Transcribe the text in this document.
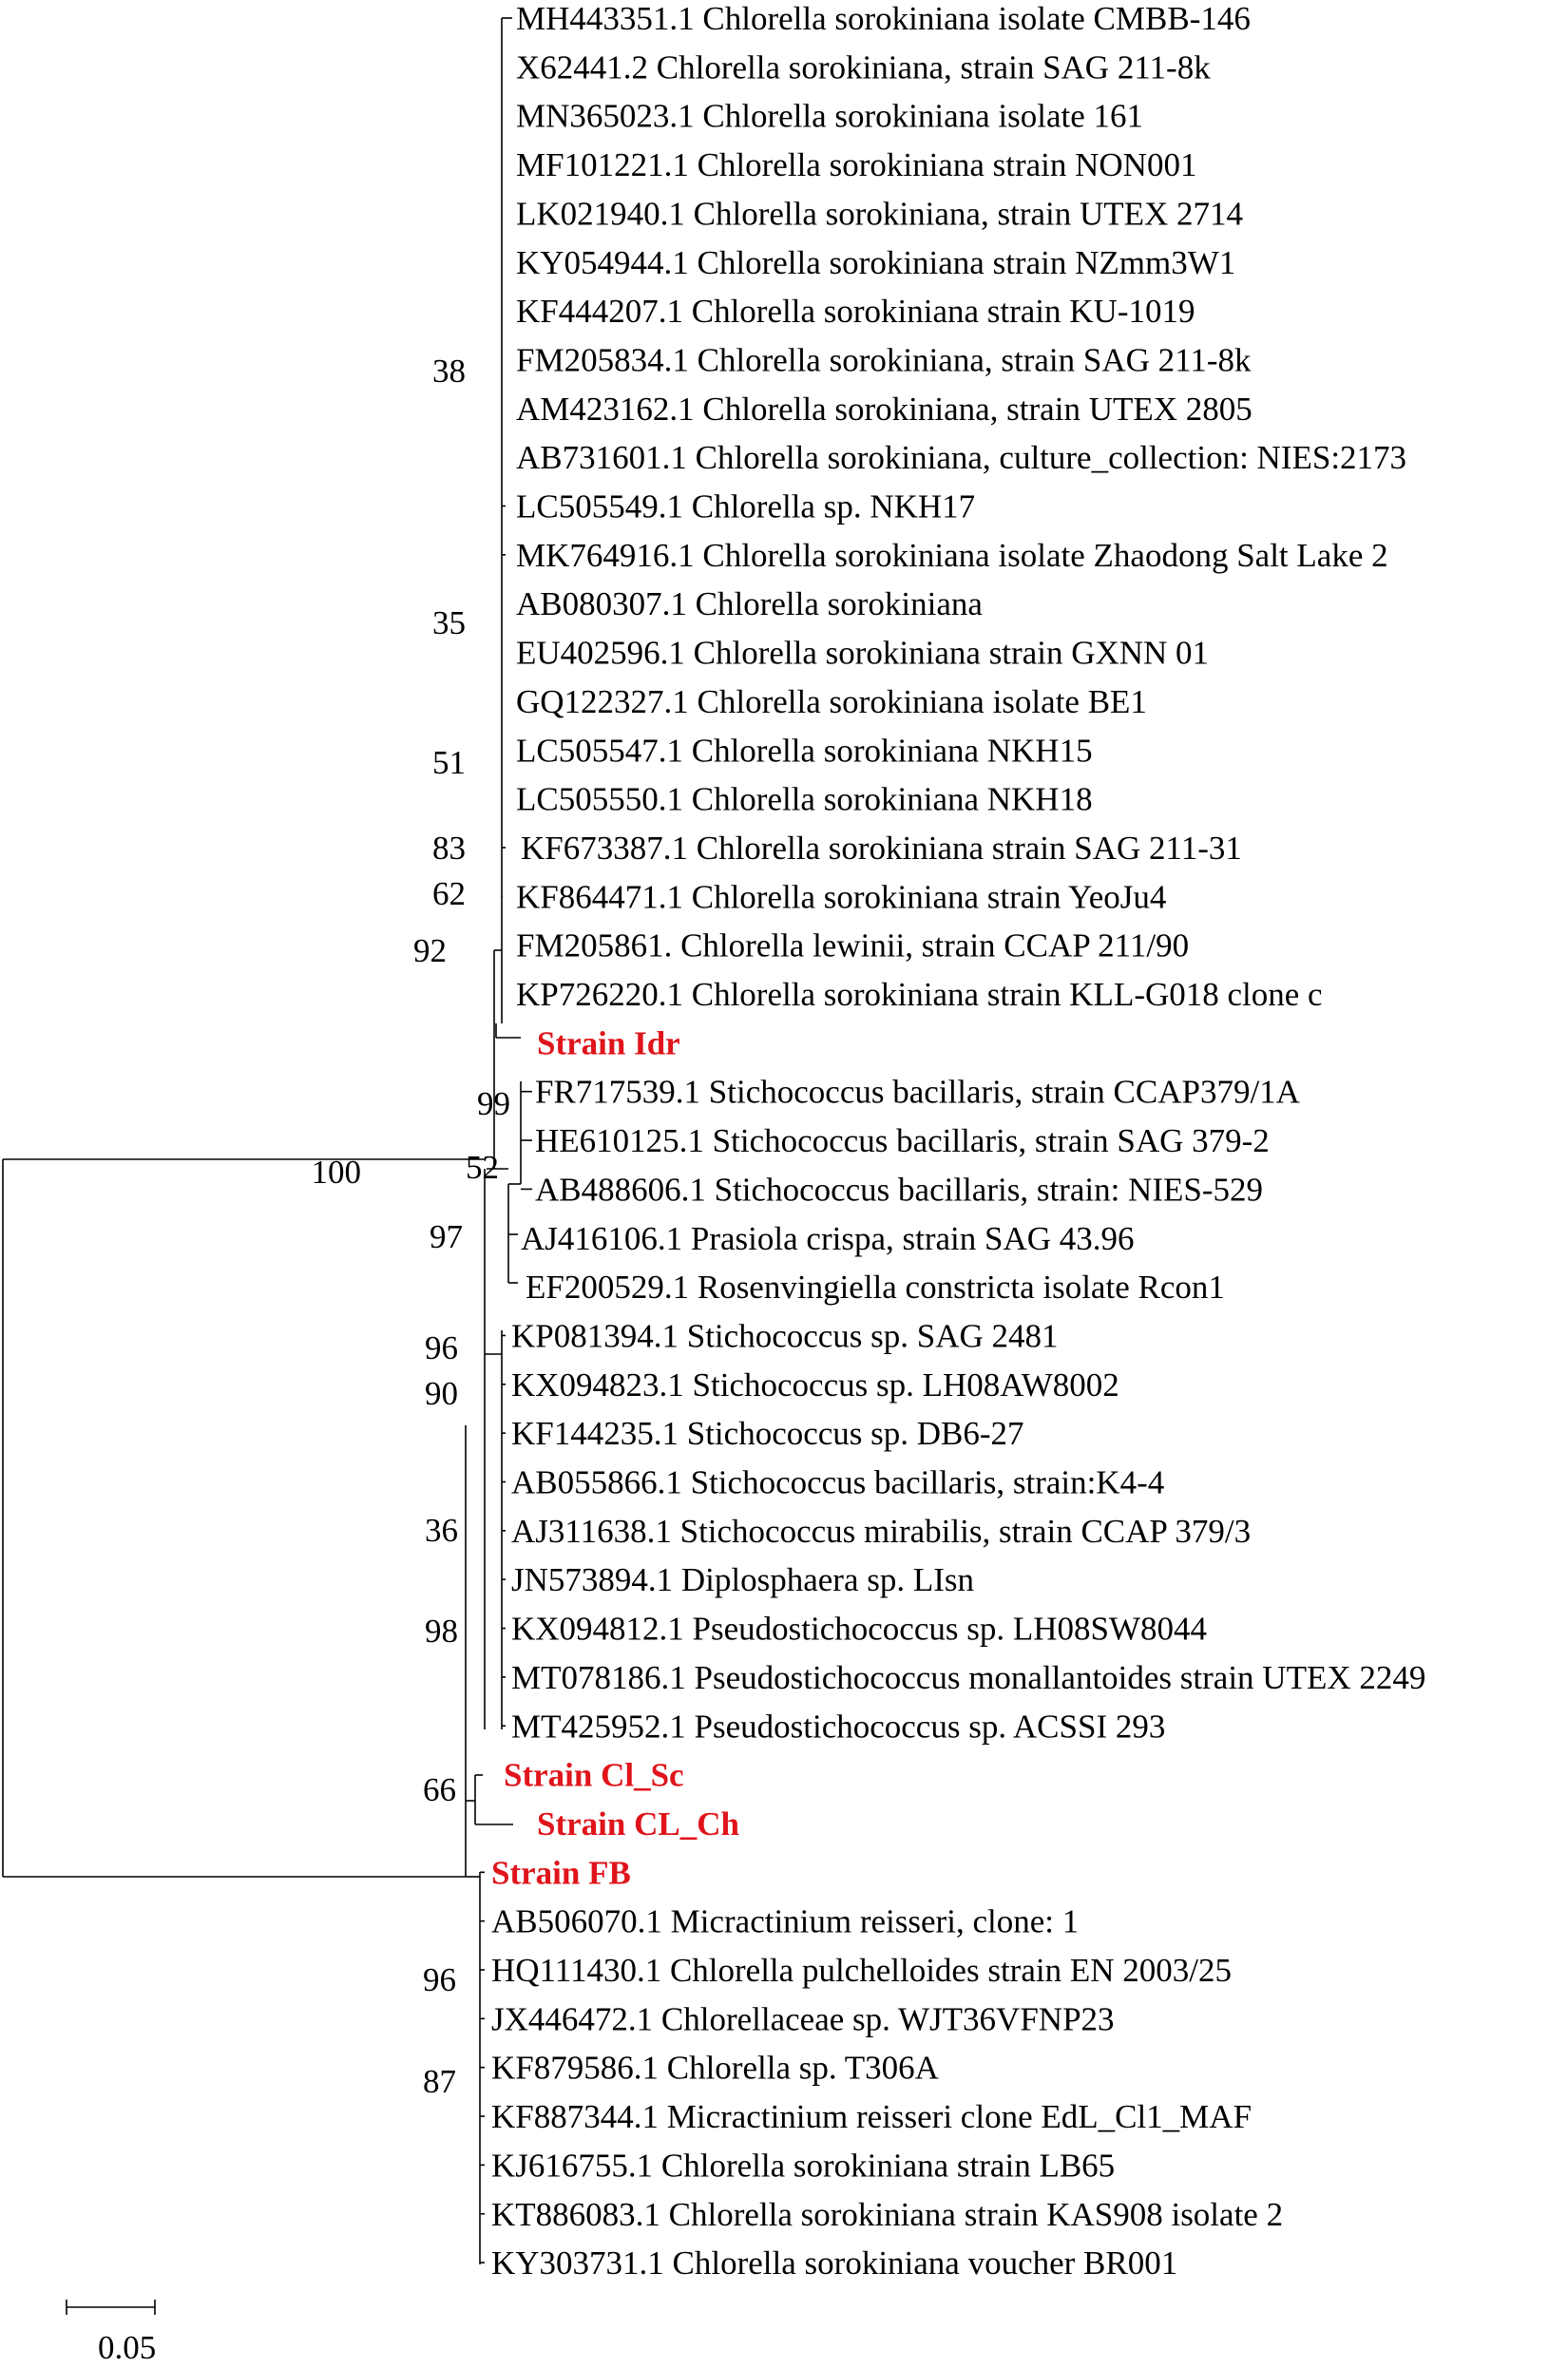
MH443351.1 Chlorella sorokiniana isolate CMBB-146
X62441.2 Chlorella sorokiniana, strain SAG 211-8k
MN365023.1 Chlorella sorokiniana isolate 161
MF101221.1 Chlorella sorokiniana strain NON001
LK021940.1 Chlorella sorokiniana, strain UTEX 2714
KY054944.1 Chlorella sorokiniana strain NZmm3W1
KF444207.1 Chlorella sorokiniana strain KU-1019
FM205834.1 Chlorella sorokiniana, strain SAG 211-8k
AM423162.1 Chlorella sorokiniana, strain UTEX 2805
AB731601.1 Chlorella sorokiniana, culture_collection: NIES:2173
LC505549.1 Chlorella sp. NKH17
MK764916.1 Chlorella sorokiniana isolate Zhaodong Salt Lake 2
AB080307.1 Chlorella sorokiniana
EU402596.1 Chlorella sorokiniana strain GXNN 01
GQ122327.1 Chlorella sorokiniana isolate BE1
LC505547.1 Chlorella sorokiniana NKH15
LC505550.1 Chlorella sorokiniana NKH18
KF673387.1 Chlorella sorokiniana strain SAG 211-31
KF864471.1 Chlorella sorokiniana strain YeoJu4
FM205861. Chlorella lewinii, strain CCAP 211/90
KP726220.1 Chlorella sorokiniana strain KLL-G018 clone c
Strain Idr
FR717539.1 Stichococcus bacillaris, strain CCAP379/1A
HE610125.1 Stichococcus bacillaris, strain SAG 379-2
AB488606.1 Stichococcus bacillaris, strain: NIES-529
AJ416106.1 Prasiola crispa, strain SAG 43.96
EF200529.1 Rosenvingiella constricta isolate Rcon1
KP081394.1 Stichococcus sp. SAG 2481
KX094823.1 Stichococcus sp. LH08AW8002
KF144235.1 Stichococcus sp. DB6-27
AB055866.1 Stichococcus bacillaris, strain:K4-4
AJ311638.1 Stichococcus mirabilis, strain CCAP 379/3
JN573894.1 Diplosphaera sp. LIsn
KX094812.1 Pseudostichococcus sp. LH08SW8044
MT078186.1 Pseudostichococcus monallantoides strain UTEX 2249
MT425952.1 Pseudostichococcus sp. ACSSI 293
Strain Cl_Sc
Strain CL_Ch
Strain FB
AB506070.1 Micractinium reisseri, clone: 1
HQ111430.1 Chlorella pulchelloides strain EN 2003/25
JX446472.1 Chlorellaceae sp. WJT36VFNP23
KF879586.1 Chlorella sp. T306A
KF887344.1 Micractinium reisseri clone EdL_Cl1_MAF
KJ616755.1 Chlorella sorokiniana strain LB65
KT886083.1 Chlorella sorokiniana strain KAS908 isolate 2
KY303731.1 Chlorella sorokiniana voucher BR001
38
35
51
83
62
92
99
100	52
97
96
90
36
98
66
96
87
0.05
